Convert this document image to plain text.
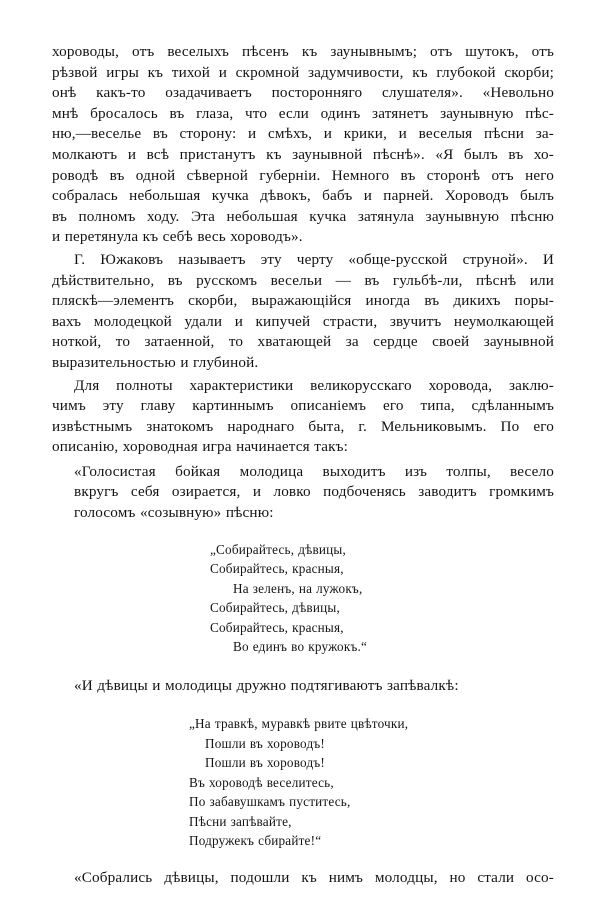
хороводы, отъ веселыхъ пѣсенъ къ заунывнымъ; отъ шутокъ, отъ
рѣзвой игры къ тихой и скромной задумчивости, къ глубокой скорби;
онѣ какъ-то озадачиваетъ посторонняго слушателя». «Невольно
мнѣ бросалось въ глаза, что если одинъ затянетъ заунывную пѣс-
ню,—веселье въ сторону: и смѣхъ, и крики, и веселыя пѣсни за-
молкаютъ и всѣ пристанутъ къ заунывной пѣснѣ». «Я былъ въ хо-
роводѣ въ одной сѣверной губерніи. Немного въ сторонѣ отъ него
собралась небольшая кучка дѣвокъ, бабъ и парней. Хороводъ былъ
въ полномъ ходу. Эта небольшая кучка затянула заунывную пѣсню
и перетянула къ себѣ весь хороводъ».
Г. Южаковъ называетъ эту черту «обще-русской струной». И
дѣйствительно, въ русскомъ весельи — въ гульбѣ-ли, пѣснѣ или
пляскѣ—элементъ скорби, выражающійся иногда въ дикихъ поры-
вахъ молодецкой удали и кипучей страсти, звучитъ неумолкающей
ноткой, то затаенной, то хватающей за сердце своей заунывной
выразительностью и глубиной.
Для полноты характеристики великорусскаго хоровода, заклю-
чимъ эту главу картиннымъ описаніемъ его типа, сдѣланнымъ
извѣстнымъ знатокомъ народнаго быта, г. Мельниковымъ. По его
описанію, хороводная игра начинается такъ:
«Голосистая бойкая молодица выходитъ изъ толпы, весело
вкругъ себя озирается, и ловко подбоченясь заводитъ громкимъ
голосомъ «созывную» пѣсню:
„Собирайтесь, дѣвицы,
Собирайтесь, красныя,
На зеленъ, на лужокъ,
Собирайтесь, дѣвицы,
Собирайтесь, красныя,
Во единъ во кружокъ.“
«И дѣвицы и молодицы дружно подтягиваютъ запѣвалкѣ:
„На травкѣ, муравкѣ рвите цвѣточки,
Пошли въ хороводъ!
Пошли въ хороводъ!
Въ хороводѣ веселитесь,
По забавушкамъ пуститесь,
Пѣсни запѣвайте,
Подружекъ сбирайте!“
«Собрались дѣвицы, подошли къ нимъ молодцы, но стали осо-
